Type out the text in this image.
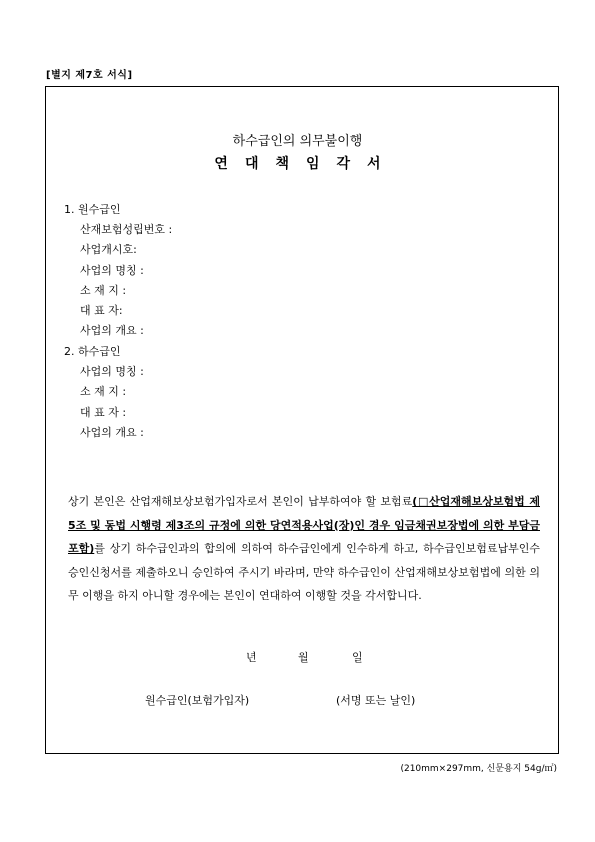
[별지 제7호 서식]
하수급인의 의무불이행
연대책임각서
1. 원수급인
산재보험성립번호 :
사업개시호:
사업의 명칭 :
소 재 지 :
대 표 자:
사업의 개요 :
2. 하수급인
사업의 명칭 :
소 재 지 :
대 표 자 :
사업의 개요 :
상기 본인은 산업재해보상보험가입자로서 본인이 납부하여야 할 보험료(□산업재해보상보험법 제5조 및 동법 시행령 제3조의 규정에 의한 당연적용사업(장)인 경우 임금채권보장법에 의한 부담금 포함)를 상기 하수급인과의 합의에 의하여 하수급인에게 인수하게 하고, 하수급인보험료납부인수승인신청서를 제출하오니 승인하여 주시기 바라며, 만약 하수급인이 산업재해보상보험법에 의한 의무 이행을 하지 아니할 경우에는 본인이 연대하여 이행할 것을 각서합니다.
년	월	일
원수급인(보험가입자)	(서명 또는 날인)
(210mm×297mm, 신문용지 54g/㎡)
